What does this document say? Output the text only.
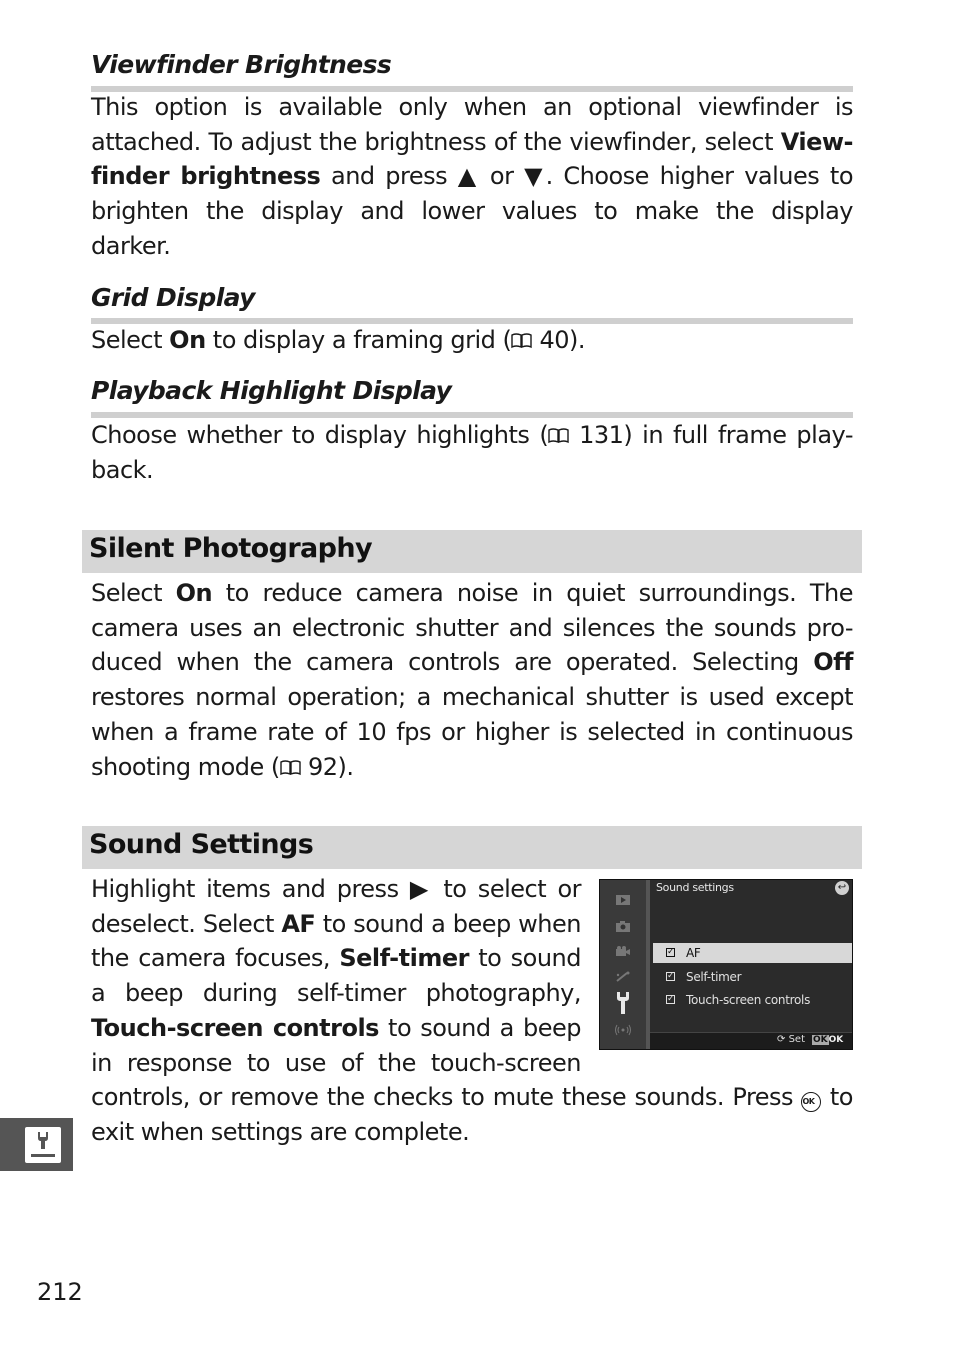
Viewfinder Brightness
This option is available only when an optional viewfinder is
attached. To adjust the brightness of the viewfinder, select View-
finder brightness and press ▲ or ▼. Choose higher values to
brighten the display and lower values to make the display
darker.
Grid Display
Select On to display a framing grid ( 40).
Playback Highlight Display
Choose whether to display highlights ( 131) in full frame play-
back.
Silent Photography
Select On to reduce camera noise in quiet surroundings. The
camera uses an electronic shutter and silences the sounds pro-
duced when the camera controls are operated. Selecting Off
restores normal operation; a mechanical shutter is used except
when a frame rate of 10 fps or higher is selected in continuous
shooting mode ( 92).
Sound Settings
Highlight items and press ▶ to select or
deselect. Select AF to sound a beep when
the camera focuses, Self-timer to sound
a beep during self-timer photography,
Touch-screen controls to sound a beep
in response to use of the touch-screen
controls, or remove the checks to mute these sounds. Press OK to
exit when settings are complete.
Sound settings	↩
✓ AF
✓ Self-timer
✓ Touch-screen controls
⟳ Set OKOK
212
